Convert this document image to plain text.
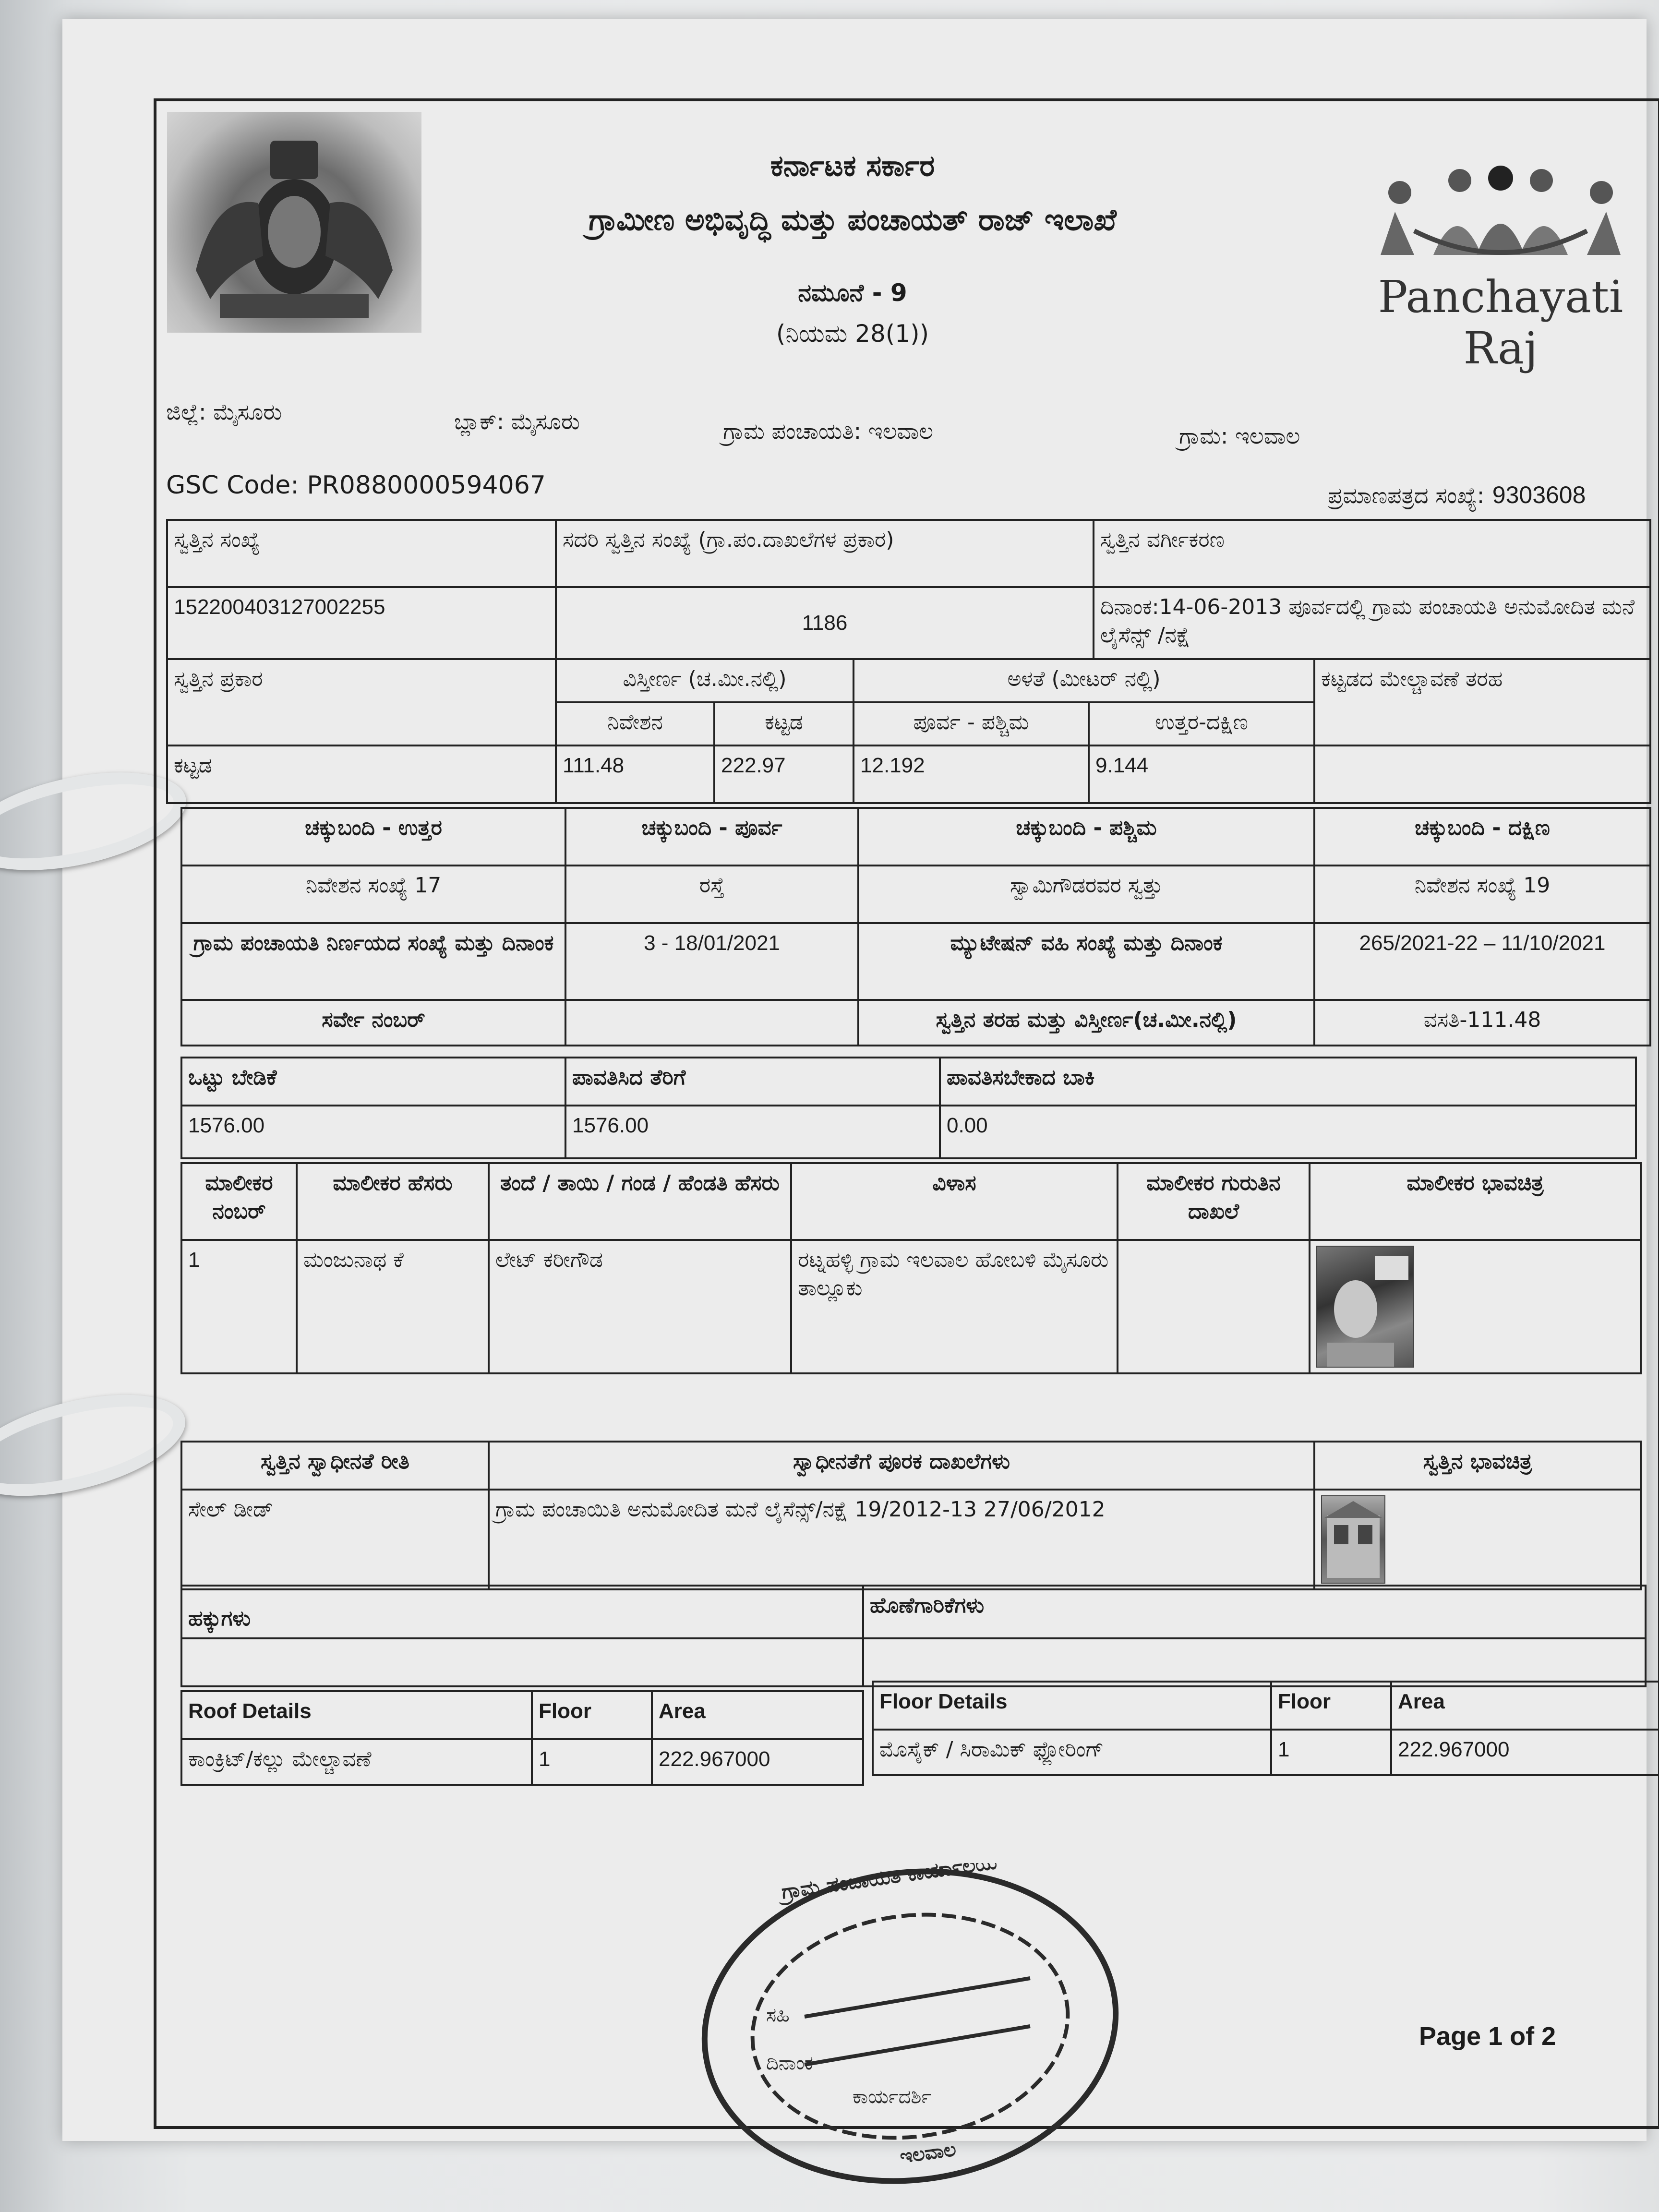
ಕರ್ನಾಟಕ ಸರ್ಕಾರ
ಗ್ರಾಮೀಣ ಅಭಿವೃದ್ಧಿ ಮತ್ತು ಪಂಚಾಯತ್ ರಾಜ್ ಇಲಾಖೆ
ನಮೂನೆ - 9
(ನಿಯಮ 28(1))
Panchayati Raj
ಜಿಲ್ಲೆ: ಮೈಸೂರು	ಬ್ಲಾಕ್: ಮೈಸೂರು	ಗ್ರಾಮ ಪಂಚಾಯತಿ: ಇಲವಾಲ	ಗ್ರಾಮ: ಇಲವಾಲ
GSC Code: PR0880000594067	ಪ್ರಮಾಣಪತ್ರದ ಸಂಖ್ಯೆ: 9303608
ಸ್ವತ್ತಿನ ಸಂಖ್ಯೆ	ಸದರಿ ಸ್ವತ್ತಿನ ಸಂಖ್ಯೆ (ಗ್ರಾ.ಪಂ.ದಾಖಲೆಗಳ ಪ್ರಕಾರ)	ಸ್ವತ್ತಿನ ವರ್ಗೀಕರಣ
152200403127002255	1186	ದಿನಾಂಕ:14-06-2013 ಪೂರ್ವದಲ್ಲಿ ಗ್ರಾಮ ಪಂಚಾಯತಿ ಅನುಮೋದಿತ ಮನೆ ಲೈಸೆನ್ಸ್ /ನಕ್ಷೆ
ಸ್ವತ್ತಿನ ಪ್ರಕಾರ	ವಿಸ್ತೀರ್ಣ (ಚ.ಮೀ.ನಲ್ಲಿ)		ಅಳತೆ (ಮೀಟರ್ ನಲ್ಲಿ)		ಕಟ್ಟಡದ ಮೇಲ್ಚಾವಣೆ ತರಹ
	ನಿವೇಶನ	ಕಟ್ಟಡ	ಪೂರ್ವ - ಪಶ್ಚಿಮ	ಉತ್ತರ-ದಕ್ಷಿಣ	
ಕಟ್ಟಡ	111.48	222.97	12.192	9.144	
ಚಕ್ಕುಬಂದಿ - ಉತ್ತರ	ಚಕ್ಕುಬಂದಿ - ಪೂರ್ವ	ಚಕ್ಕುಬಂದಿ - ಪಶ್ಚಿಮ	ಚಕ್ಕುಬಂದಿ - ದಕ್ಷಿಣ
ನಿವೇಶನ ಸಂಖ್ಯೆ 17	ರಸ್ತೆ	ಸ್ವಾಮಿಗೌಡರವರ ಸ್ವತ್ತು	ನಿವೇಶನ ಸಂಖ್ಯೆ 19
ಗ್ರಾಮ ಪಂಚಾಯತಿ ನಿರ್ಣಯದ ಸಂಖ್ಯೆ ಮತ್ತು ದಿನಾಂಕ	3 - 18/01/2021	ಮ್ಯುಟೇಷನ್ ವಹಿ ಸಂಖ್ಯೆ ಮತ್ತು ದಿನಾಂಕ	265/2021-22 – 11/10/2021
ಸರ್ವೇ ನಂಬರ್		ಸ್ವತ್ತಿನ ತರಹ ಮತ್ತು ವಿಸ್ತೀರ್ಣ(ಚ.ಮೀ.ನಲ್ಲಿ)	ವಸತಿ-111.48
ಒಟ್ಟು ಬೇಡಿಕೆ	ಪಾವತಿಸಿದ ತೆರಿಗೆ	ಪಾವತಿಸಬೇಕಾದ ಬಾಕಿ
1576.00	1576.00	0.00
ಮಾಲೀಕರ ನಂಬರ್	ಮಾಲೀಕರ ಹೆಸರು	ತಂದೆ / ತಾಯಿ / ಗಂಡ / ಹೆಂಡತಿ ಹೆಸರು	ವಿಳಾಸ	ಮಾಲೀಕರ ಗುರುತಿನ ದಾಖಲೆ	ಮಾಲೀಕರ ಭಾವಚಿತ್ರ
1	ಮಂಜುನಾಥ ಕೆ	ಲೇಟ್ ಕರೀಗೌಡ	ರಟ್ನಹಳ್ಳಿ ಗ್ರಾಮ ಇಲವಾಲ ಹೋಬಳಿ ಮೈಸೂರು ತಾಲ್ಲೂಕು		
ಸ್ವತ್ತಿನ ಸ್ವಾಧೀನತೆ ರೀತಿ	ಸ್ವಾಧೀನತೆಗೆ ಪೂರಕ ದಾಖಲೆಗಳು	ಸ್ವತ್ತಿನ ಭಾವಚಿತ್ರ
ಸೇಲ್ ಡೀಡ್	ಗ್ರಾಮ ಪಂಚಾಯಿತಿ ಅನುಮೋದಿತ ಮನೆ ಲೈಸೆನ್ಸ್/ನಕ್ಷೆ 19/2012-13 27/06/2012	
ಹಕ್ಕುಗಳು	ಹೊಣೆಗಾರಿಕೆಗಳು

Roof Details	Floor	Area
ಕಾಂಕ್ರಿಟ್/ಕಲ್ಲು ಮೇಲ್ಚಾವಣೆ	1	222.967000
Floor Details	Floor	Area
ಮೊಸೈಕ್ / ಸಿರಾಮಿಕ್ ಫ್ಲೋರಿಂಗ್	1	222.967000
ಗ್ರಾಮ ಪಂಚಾಯತಿ ಕಾರ್ಯಾಲಯ
ಇಲವಾಲ
ಸಹಿ
ದಿನಾಂಕ
ಕಾರ್ಯದರ್ಶಿ
Page 1 of 2
